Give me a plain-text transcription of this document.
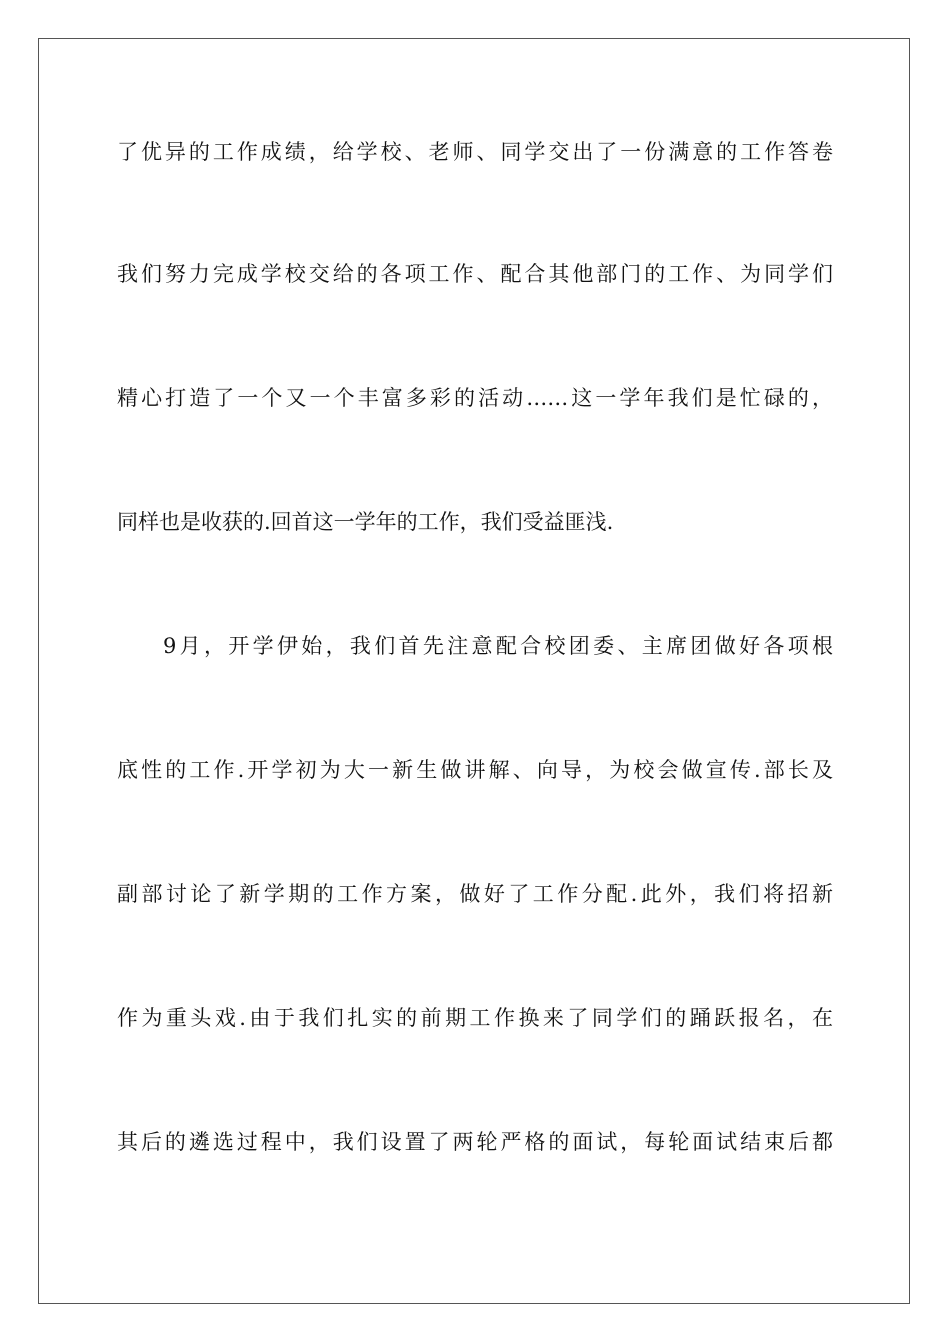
了优异的工作成绩，给学校、老师、同学交出了一份满意的工作答卷
我们努力完成学校交给的各项工作、配合其他部门的工作、为同学们
精心打造了一个又一个丰富多彩的活动……这一学年我们是忙碌的，
同样也是收获的.回首这一学年的工作，我们受益匪浅.
9月，开学伊始，我们首先注意配合校团委、主席团做好各项根
底性的工作.开学初为大一新生做讲解、向导，为校会做宣传.部长及
副部讨论了新学期的工作方案，做好了工作分配.此外，我们将招新
作为重头戏.由于我们扎实的前期工作换来了同学们的踊跃报名，在
其后的遴选过程中，我们设置了两轮严格的面试，每轮面试结束后都
